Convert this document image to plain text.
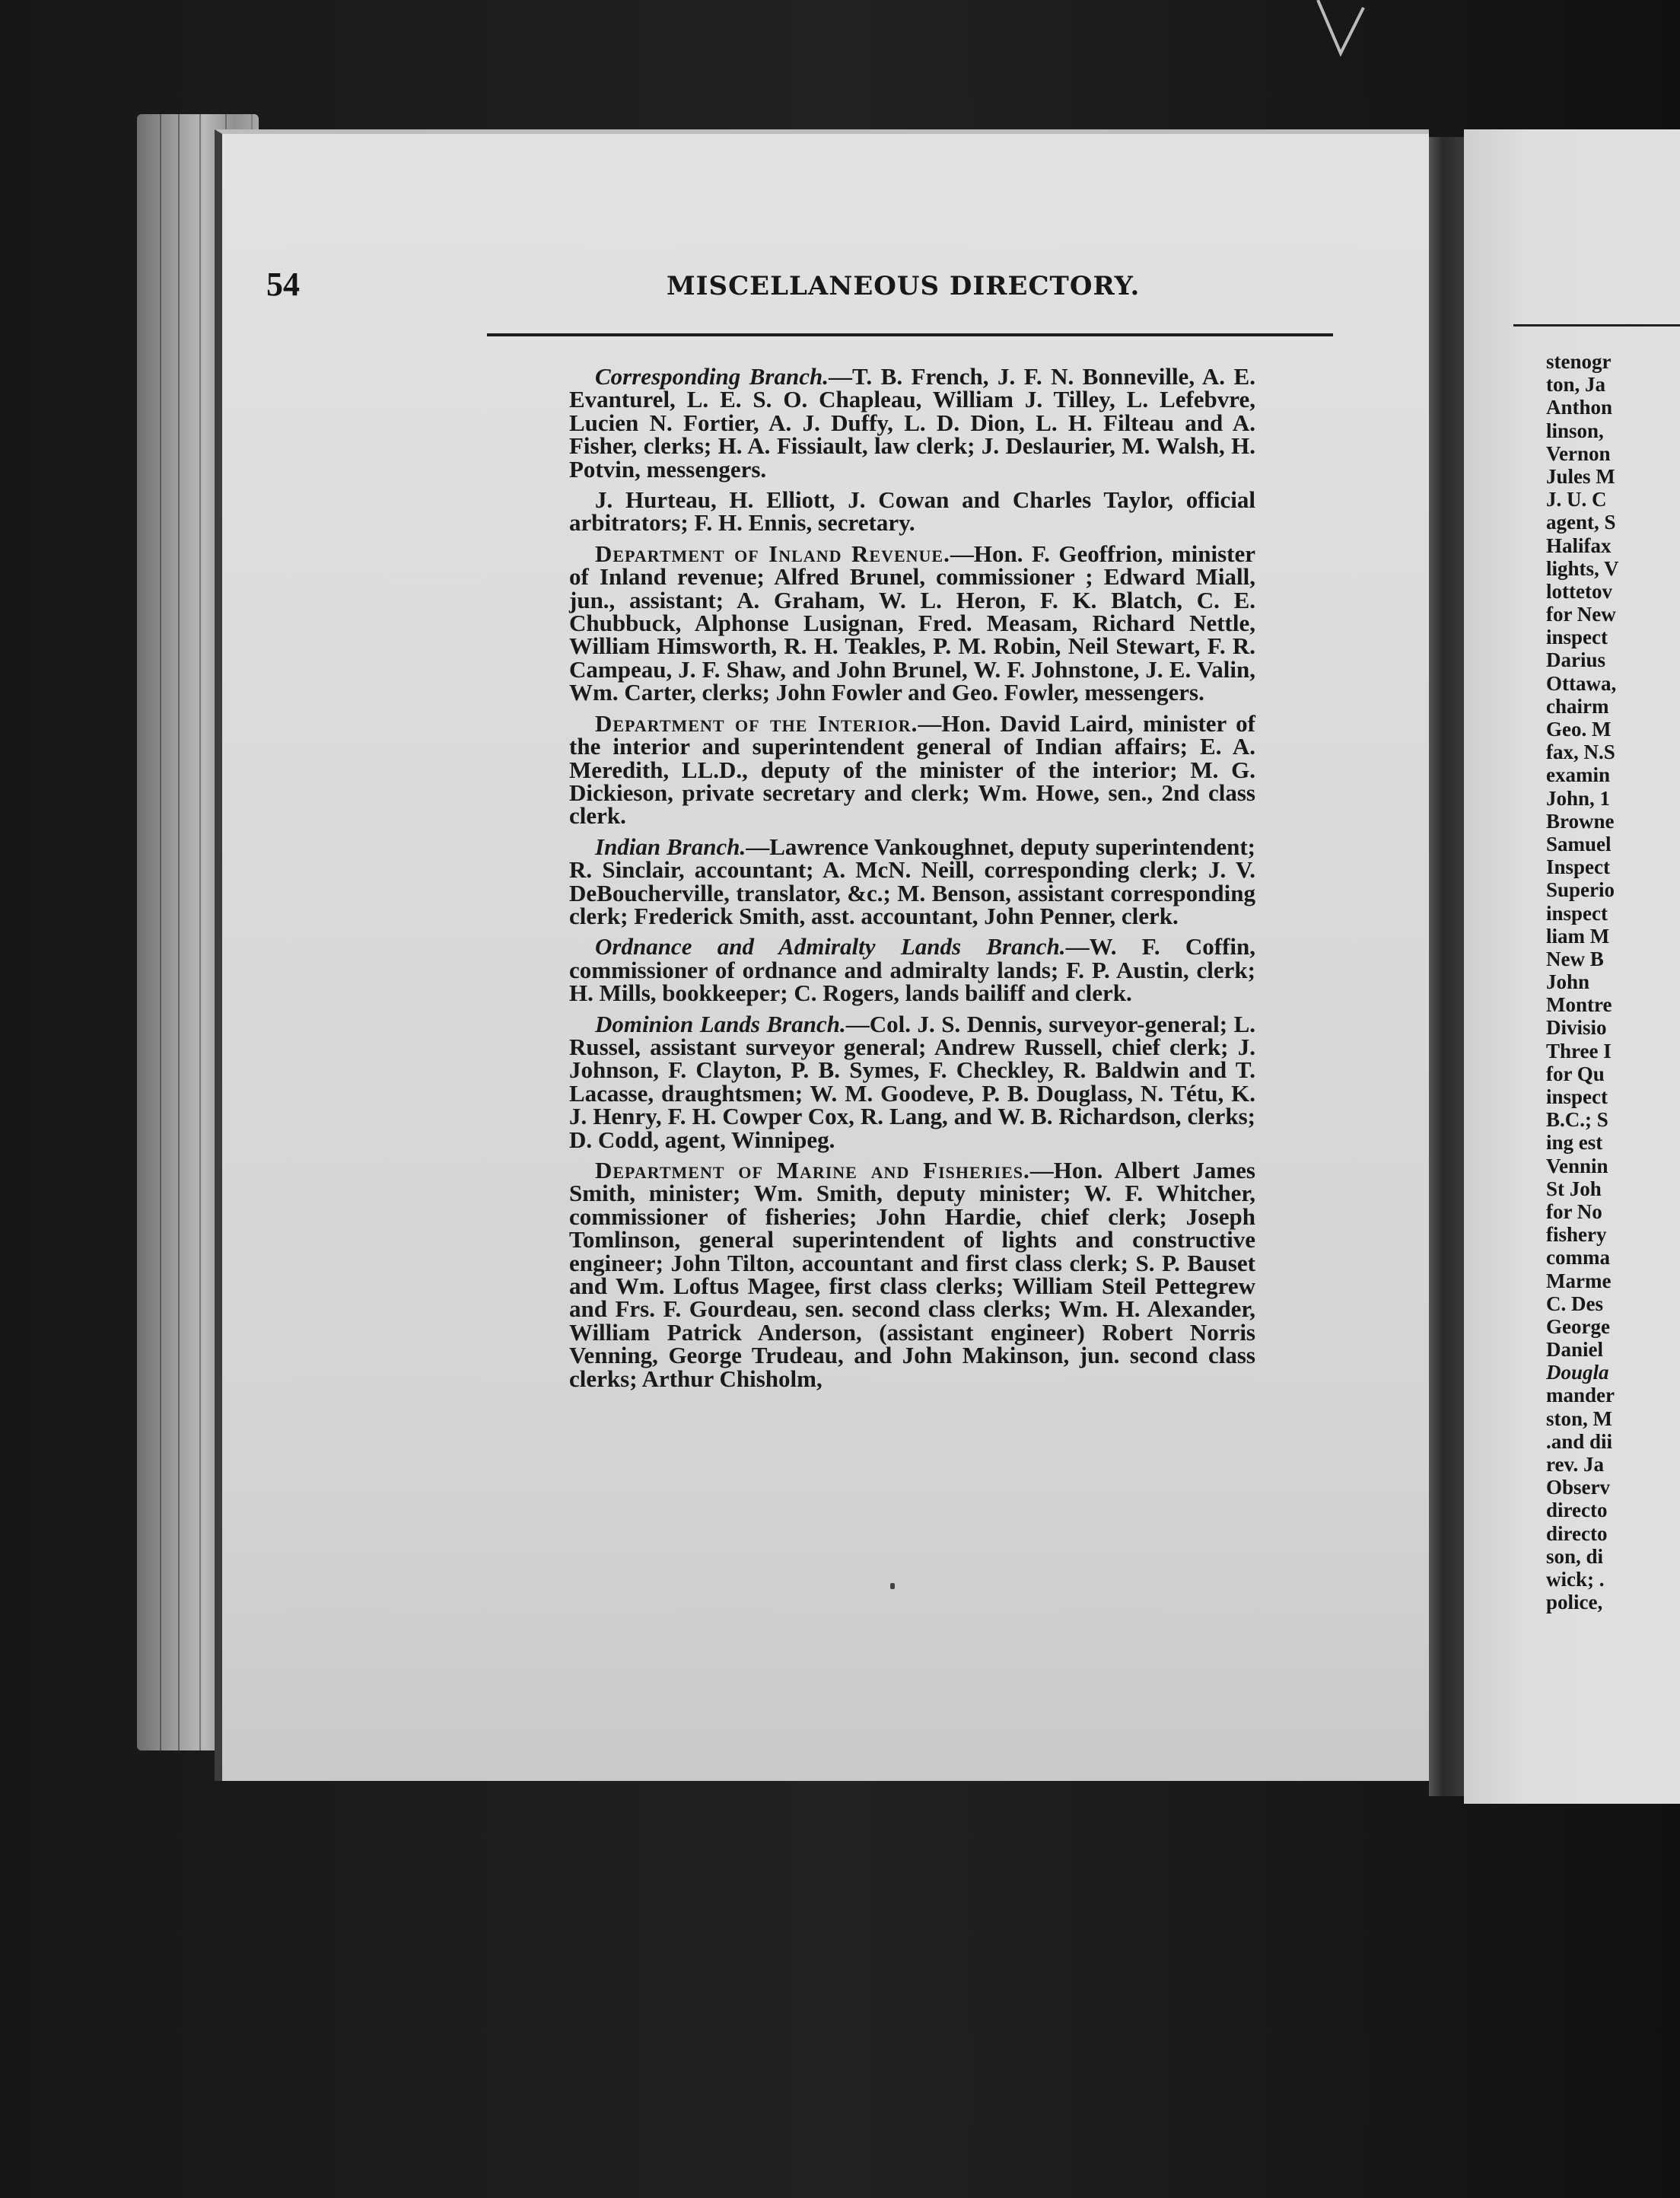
stenogr
ton, Ja
Anthon
linson,
Vernon
Jules M
J. U. C
agent, S
Halifax
lights, V
lottetov
for New
inspect
Darius
Ottawa,
chairm
Geo. M
fax, N.S
examin
John, 1
Browne
Samuel
Inspect
Superio
inspect
liam M
New B
John
Montre
Divisio
Three I
for Qu
inspect
B.C.; S
ing est
Vennin
St Joh
for No
fishery
comma
Marme
C. Des
George
Daniel
Dougla
mander
ston, M
.and dii
rev. Ja
Observ
directo
directo
son, di
wick; .
police,

54	MISCELLANEOUS DIRECTORY.

Corresponding Branch.—T. B. French, J. F. N. Bonneville, A. E. Evanturel, L. E. S. O. Chapleau, William J. Tilley, L. Lefebvre, Lucien N. Fortier, A. J. Duffy, L. D. Dion, L. H. Filteau and A. Fisher, clerks; H. A. Fissiault, law clerk; J. Deslaurier, M. Walsh, H. Potvin, messengers.

J. Hurteau, H. Elliott, J. Cowan and Charles Taylor, official arbitrators; F. H. Ennis, secretary.

Department of Inland Revenue.—Hon. F. Geoffrion, minister of Inland revenue; Alfred Brunel, commissioner ; Edward Miall, jun., assistant; A. Graham, W. L. Heron, F. K. Blatch, C. E. Chubbuck, Alphonse Lusignan, Fred. Measam, Richard Nettle, William Himsworth, R. H. Teakles, P. M. Robin, Neil Stewart, F. R. Campeau, J. F. Shaw, and John Brunel, W. F. Johnstone, J. E. Valin, Wm. Carter, clerks; John Fowler and Geo. Fowler, messengers.

Department of the Interior.—Hon. David Laird, minister of the interior and superintendent general of Indian affairs; E. A. Meredith, LL.D., deputy of the minister of the interior; M. G. Dickieson, private secretary and clerk; Wm. Howe, sen., 2nd class clerk.

Indian Branch.—Lawrence Vankoughnet, deputy superintendent; R. Sinclair, accountant; A. McN. Neill, corresponding clerk; J. V. DeBoucherville, translator, &c.; M. Benson, assistant corresponding clerk; Frederick Smith, asst. accountant, John Penner, clerk.

Ordnance and Admiralty Lands Branch.—W. F. Coffin, commissioner of ordnance and admiralty lands; F. P. Austin, clerk; H. Mills, bookkeeper; C. Rogers, lands bailiff and clerk.

Dominion Lands Branch.—Col. J. S. Dennis, surveyor-general; L. Russel, assistant surveyor general; Andrew Russell, chief clerk; J. Johnson, F. Clayton, P. B. Symes, F. Checkley, R. Baldwin and T. Lacasse, draughtsmen; W. M. Goodeve, P. B. Douglass, N. Tétu, K. J. Henry, F. H. Cowper Cox, R. Lang, and W. B. Richardson, clerks; D. Codd, agent, Winnipeg.

Department of Marine and Fisheries.—Hon. Albert James Smith, minister; Wm. Smith, deputy minister; W. F. Whitcher, commissioner of fisheries; John Hardie, chief clerk; Joseph Tomlinson, general superintendent of lights and constructive engineer; John Tilton, accountant and first class clerk; S. P. Bauset and Wm. Loftus Magee, first class clerks; William Steil Pettegrew and Frs. F. Gourdeau, sen. second class clerks; Wm. H. Alexander, William Patrick Anderson, (assistant engineer) Robert Norris Venning, George Trudeau, and John Makinson, jun. second class clerks; Arthur Chisholm,
